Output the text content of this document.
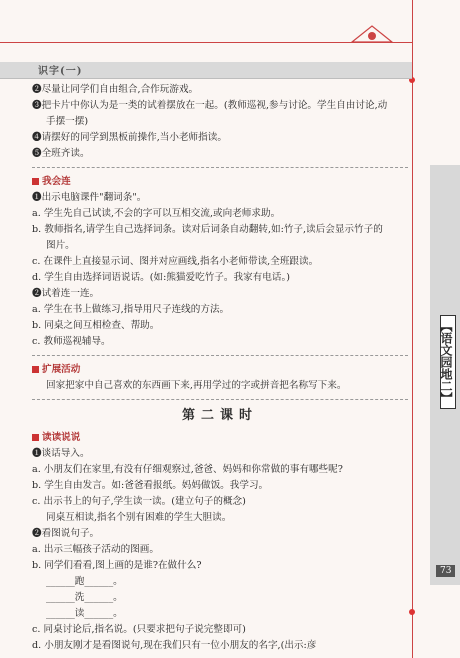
识字(一)
【语文园地二】
73
❷尽量让同学们自由组合,合作玩游戏。
❸把卡片中你认为是一类的试着摆放在一起。(教师巡视,参与讨论。学生自由讨论,动
手摆一摆)
❹请摆好的同学到黑板前操作,当小老师指读。
❺全班齐读。
我会连
❶出示电脑课件"翻词条"。
a. 学生先自己试读,不会的字可以互相交流,或向老师求助。
b. 教师指名,请学生自己选择词条。读对后词条自动翻转,如:竹子,读后会显示竹子的
图片。
c. 在课件上直接显示词、图并对应画线,指名小老师带读,全班跟读。
d. 学生自由选择词语说话。(如:熊猫爱吃竹子。我家有电话。)
❷试着连一连。
a. 学生在书上做练习,指导用尺子连线的方法。
b. 同桌之间互相检查、帮助。
c. 教师巡视辅导。
扩展活动
回家把家中自己喜欢的东西画下来,再用学过的字或拼音把名称写下来。
第二课时
读读说说
❶谈话导入。
a. 小朋友们在家里,有没有仔细观察过,爸爸、妈妈和你常做的事有哪些呢?
b. 学生自由发言。如:爸爸看报纸。妈妈做饭。我学习。
c. 出示书上的句子,学生读一读。(建立句子的概念)
同桌互相读,指名个别有困难的学生大胆读。
❷看图说句子。
a. 出示三幅孩子活动的图画。
b. 同学们看看,图上画的是谁?在做什么?
______跑______。
______洗______。
______读______。
c. 同桌讨论后,指名说。(只要求把句子说完整即可)
d. 小朋友刚才是看图说句,现在我们只有一位小朋友的名字,(出示:彦
